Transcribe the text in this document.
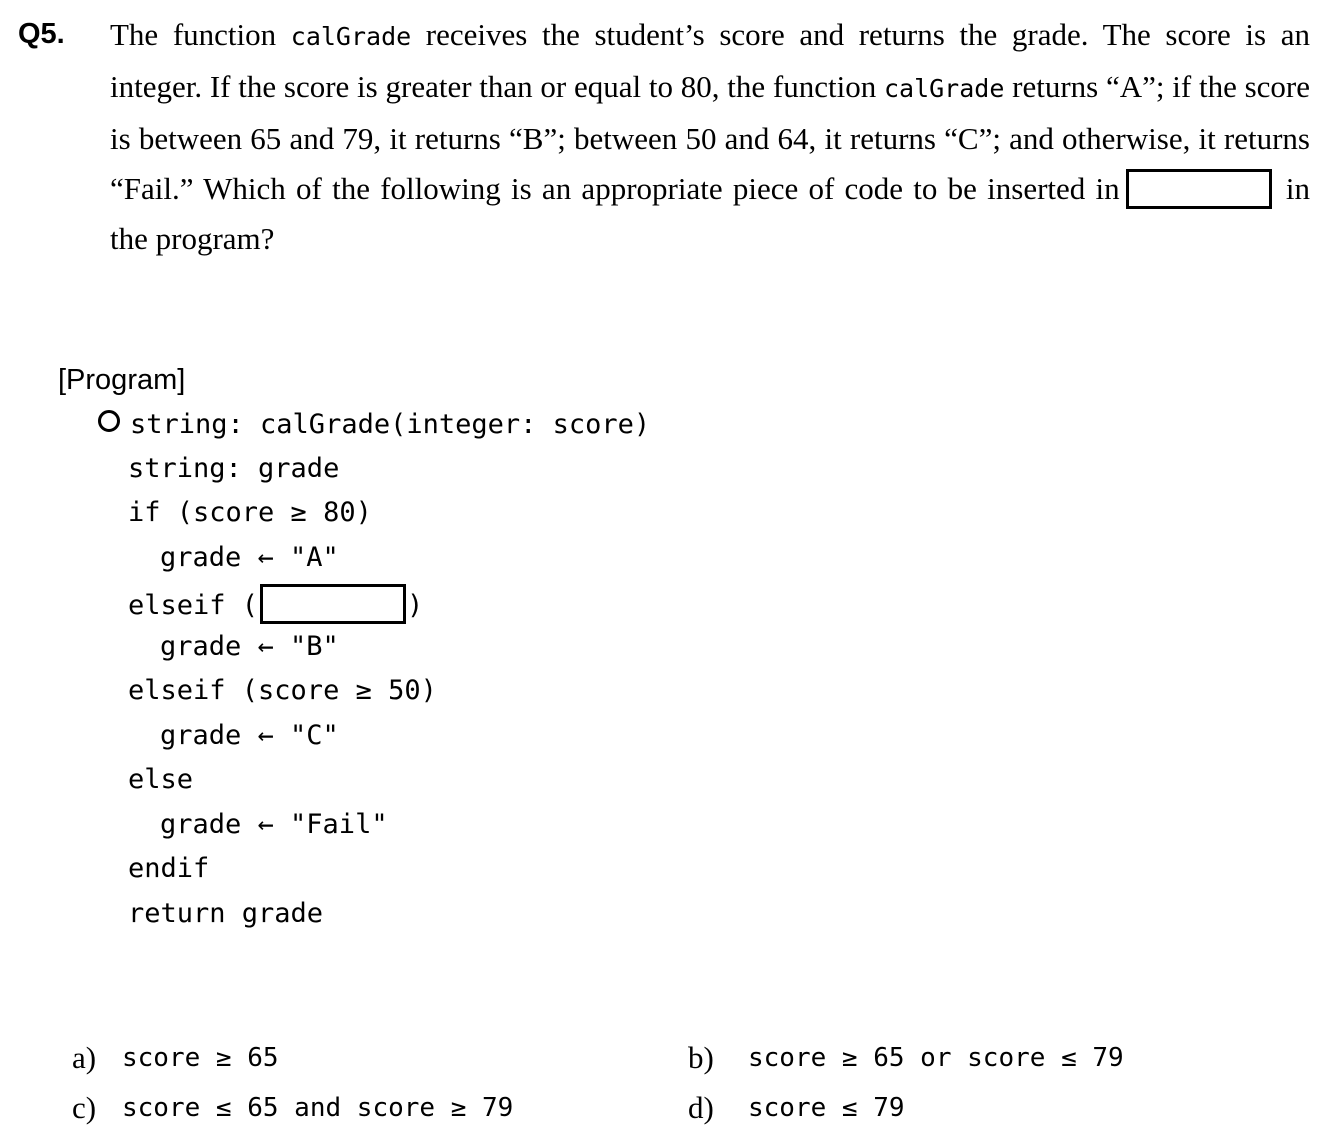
Q5. The function calGrade receives the student’s score and returns the grade. The score is an integer. If the score is greater than or equal to 80, the function calGrade returns “A”; if the score is between 65 and 79, it returns “B”; between 50 and 64, it returns “C”; and otherwise, it returns “Fail.” Which of the following is an appropriate piece of code to be inserted in	in the program?
[Program]
string: calGrade(integer: score)
string: grade
if (score ≥ 80)
grade ← "A"
elseif (	)
grade ← "B"
elseif (score ≥ 50)
grade ← "C"
else
grade ← "Fail"
endif
return grade
a) score ≥ 65	b) score ≥ 65 or score ≤ 79
c) score ≤ 65 and score ≥ 79	d) score ≤ 79
